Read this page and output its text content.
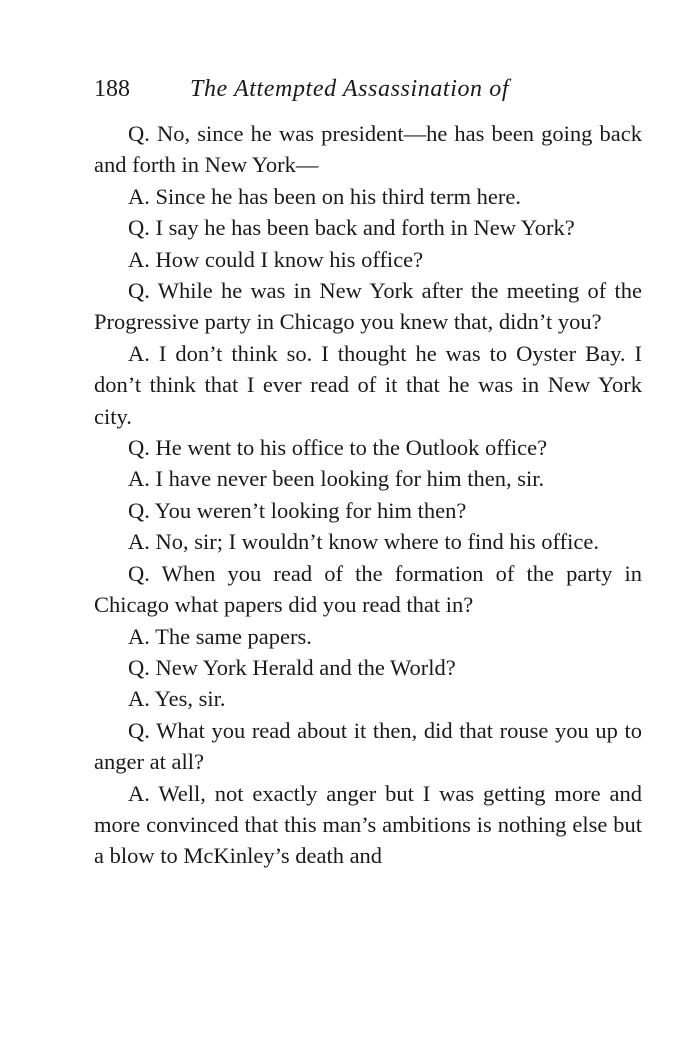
188	The Attempted Assassination of

Q. No, since he was president—he has been going back and forth in New York—

A. Since he has been on his third term here.

Q. I say he has been back and forth in New York?

A. How could I know his office?

Q. While he was in New York after the meeting of the Progressive party in Chicago you knew that, didn’t you?

A. I don’t think so. I thought he was to Oyster Bay. I don’t think that I ever read of it that he was in New York city.

Q. He went to his office to the Outlook office?

A. I have never been looking for him then, sir.

Q. You weren’t looking for him then?

A. No, sir; I wouldn’t know where to find his office.

Q. When you read of the formation of the party in Chicago what papers did you read that in?

A. The same papers.

Q. New York Herald and the World?

A. Yes, sir.

Q. What you read about it then, did that rouse you up to anger at all?

A. Well, not exactly anger but I was getting more and more convinced that this man’s ambitions is nothing else but a blow to McKinley’s death and
